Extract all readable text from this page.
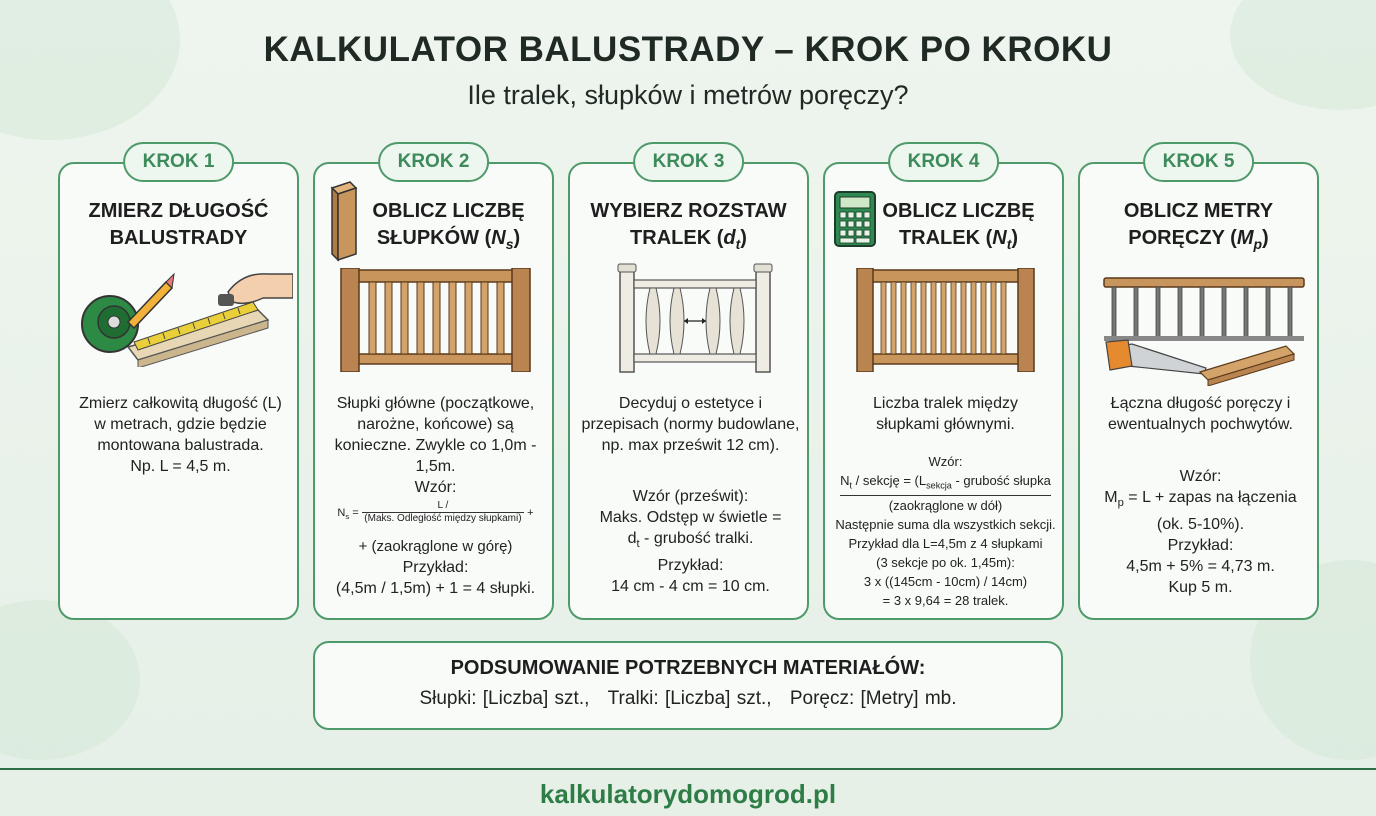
KALKULATOR BALUSTRADY – KROK PO KROKU
Ile tralek, słupków i metrów poręczy?
KROK 1
ZMIERZ DŁUGOŚĆ
BALUSTRADY
Zmierz całkowitą długość (L)
w metrach, gdzie będzie
montowana balustrada.
Np. L = 4,5 m.
KROK 2
OBLICZ LICZBĘ
SŁUPKÓW $(N_s)$
Słupki główne (początkowe,
narożne, końcowe) są
konieczne. Zwykle co 1,0m -
1,5m.
Wzór:
$N_s = \frac{L /}{\text{(Maks. Odległość między słupkami)}}$ +
+ (zaokrąglone w górę)
Przykład:
(4,5m / 1,5m) + 1 = 4 słupki.
KROK 3
WYBIERZ ROZSTAW
TRALEK $(d_t)$
Decyduj o estetyce i
przepisach (normy budowlane,
np. max prześwit 12 cm).
Wzór (prześwit):
Maks. Odstęp w świetle =
$d_t$ - grubość tralki.
Przykład:
14 cm - 4 cm = 10 cm.
KROK 4
OBLICZ LICZBĘ
TRALEK $(N_t)$
Liczba tralek między
słupkami głównymi.
Wzór:
$N_t$ / sekcję = ($L_{sekcja}$ - grubość słupka
(zaokrąglone w dół)
Następnie suma dla wszystkich sekcji.
Przykład dla L=4,5m z 4 słupkami
(3 sekcje po ok. 1,45m):
3 x ((145cm - 10cm) / 14cm)
= 3 x 9,64 = 28 tralek.
KROK 5
OBLICZ METRY
PORĘCZY $(M_p)$
Łączna długość poręczy i
ewentualnych pochwytów.
Wzór:
$M_p = L$ + zapas na łączenia
(ok. 5-10%).
Przykład:
4,5m + 5% = 4,73 m.
Kup 5 m.
PODSUMOWANIE POTRZEBNYCH MATERIAŁÓW:
Słupki: [Liczba] szt., Tralki: [Liczba] szt., Poręcz: [Metry] mb.
kalkulatorydomogrod.pl
